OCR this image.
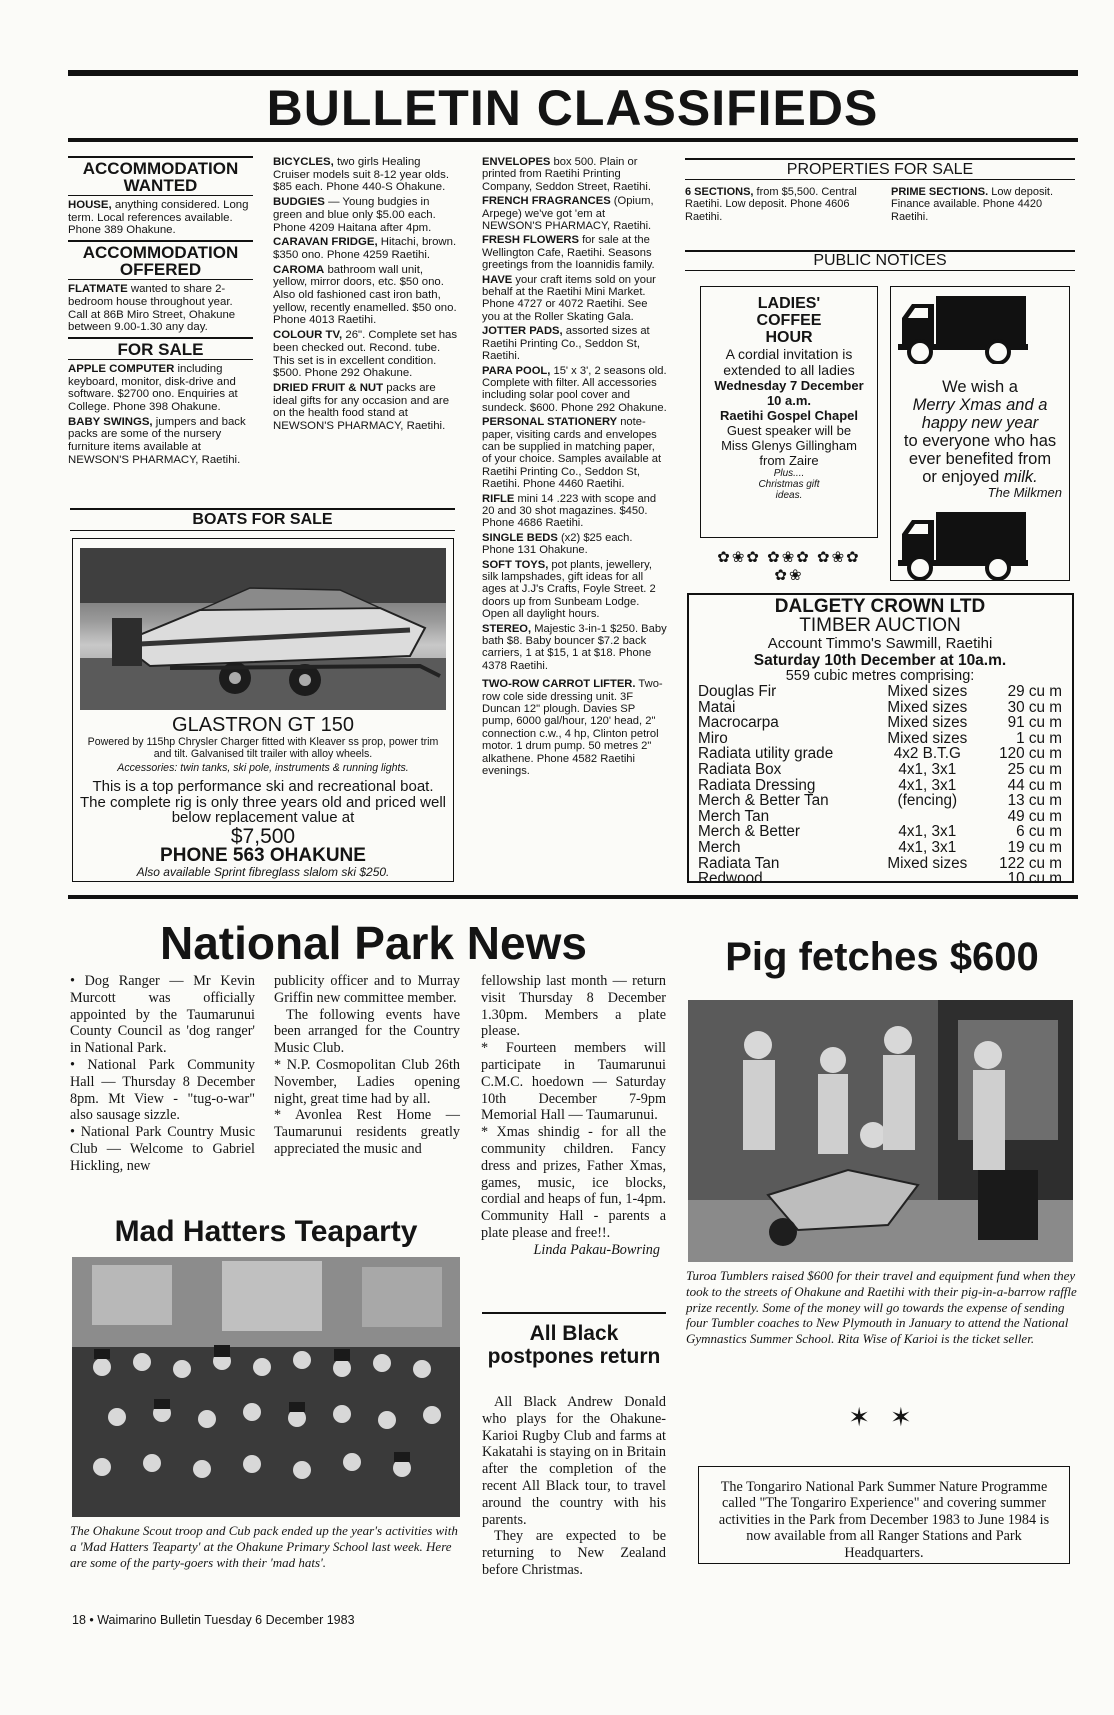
BULLETIN CLASSIFIEDS
ACCOMMODATION WANTED

HOUSE, anything considered. Long term. Local references available. Phone 389 Ohakune.

ACCOMMODATION OFFERED

FLATMATE wanted to share 2-bedroom house throughout year. Call at 86B Miro Street, Ohakune between 9.00-1.30 any day.

FOR SALE

APPLE COMPUTER including keyboard, monitor, disk-drive and software. $2700 ono. Enquiries at College. Phone 398 Ohakune.

BABY SWINGS, jumpers and back packs are some of the nursery furniture items available at NEWSON'S PHARMACY, Raetihi.

BICYCLES, two girls Healing Cruiser models suit 8-12 year olds. $85 each. Phone 440-S Ohakune.

BUDGIES — Young budgies in green and blue only $5.00 each. Phone 4209 Haitana after 4pm.

CARAVAN FRIDGE, Hitachi, brown. $350 ono. Phone 4259 Raetihi.

CAROMA bathroom wall unit, yellow, mirror doors, etc. $50 ono. Also old fashioned cast iron bath, yellow, recently enamelled. $50 ono. Phone 4013 Raetihi.

COLOUR TV, 26". Complete set has been checked out. Recond. tube. This set is in excellent condition. $500. Phone 292 Ohakune.

DRIED FRUIT & NUT packs are ideal gifts for any occasion and are on the health food stand at NEWSON'S PHARMACY, Raetihi.

BOATS FOR SALE
GLASTRON GT 150
Powered by 115hp Chrysler Charger fitted with Kleaver ss prop, power trim and tilt. Galvanised tilt trailer with alloy wheels.
Accessories: twin tanks, ski pole, instruments & running lights.
This is a top performance ski and recreational boat. The complete rig is only three years old and priced well below replacement value at
$7,500
PHONE 563 OHAKUNE
Also available Sprint fibreglass slalom ski $250.

ENVELOPES box 500. Plain or printed from Raetihi Printing Company, Seddon Street, Raetihi.

FRENCH FRAGRANCES (Opium, Arpege) we've got 'em at NEWSON'S PHARMACY, Raetihi.

FRESH FLOWERS for sale at the Wellington Cafe, Raetihi. Seasons greetings from the Ioannidis family.

HAVE your craft items sold on your behalf at the Raetihi Mini Market. Phone 4727 or 4072 Raetihi. See you at the Roller Skating Gala.

JOTTER PADS, assorted sizes at Raetihi Printing Co., Seddon St, Raetihi.

PARA POOL, 15' x 3', 2 seasons old. Complete with filter. All accessories including solar pool cover and sundeck. $600. Phone 292 Ohakune.

PERSONAL STATIONERY note-paper, visiting cards and envelopes can be supplied in matching paper, of your choice. Samples available at Raetihi Printing Co., Seddon St, Raetihi. Phone 4460 Raetihi.

RIFLE mini 14 .223 with scope and 20 and 30 shot magazines. $450. Phone 4686 Raetihi.

SINGLE BEDS (x2) $25 each. Phone 131 Ohakune.

SOFT TOYS, pot plants, jewellery, silk lampshades, gift ideas for all ages at J.J's Crafts, Foyle Street. 2 doors up from Sunbeam Lodge. Open all daylight hours.

STEREO, Majestic 3-in-1 $250. Baby bath $8. Baby bouncer $7.2 back carriers, 1 at $15, 1 at $18. Phone 4378 Raetihi.

TWO-ROW CARROT LIFTER. Two-row cole side dressing unit. 3F Duncan 12" plough. Davies SP pump, 6000 gal/hour, 120' head, 2" connection c.w., 4 hp, Clinton petrol motor. 1 drum pump. 50 metres 2" alkathene. Phone 4582 Raetihi evenings.

PROPERTIES FOR SALE

6 SECTIONS, from $5,500. Central Raetihi. Low deposit. Phone 4606 Raetihi.

PRIME SECTIONS. Low deposit. Finance available. Phone 4420 Raetihi.

PUBLIC NOTICES
LADIES'
COFFEE
HOUR
A cordial invitation is
extended to all ladies
Wednesday 7 December
10 a.m.
Raetihi Gospel Chapel
Guest speaker will be
Miss Glenys Gillingham
from Zaire
Plus....
Christmas gift
ideas.
✿❀✿ ✿❀✿ ✿❀✿ ✿❀
We wish a
Merry Xmas and a
happy new year
to everyone who has
ever benefited from
or enjoyed milk.
The Milkmen
DALGETY CROWN LTD
TIMBER AUCTION
Account Timmo's Sawmill, Raetihi
Saturday 10th December at 10a.m.
559 cubic metres comprising:
Douglas Fir	Mixed sizes	29 cu m
Matai	Mixed sizes	30 cu m
Macrocarpa	Mixed sizes	91 cu m
Miro	Mixed sizes	1 cu m
Radiata utility grade	4x2 B.T.G	120 cu m
Radiata Box	4x1, 3x1	25 cu m
Radiata Dressing	4x1, 3x1	44 cu m
Merch & Better Tan	(fencing)	13 cu m
Merch Tan		49 cu m
Merch & Better	4x1, 3x1	6 cu m
Merch	4x1, 3x1	19 cu m
Radiata Tan	Mixed sizes	122 cu m
Redwood		10 cu m
National Park News

• Dog Ranger — Mr Kevin Murcott was officially appointed by the Taumarunui County Council as 'dog ranger' in National Park.

• National Park Community Hall — Thursday 8 December 8pm. Mt View - "tug-o-war" also sausage sizzle.

• National Park Country Music Club — Welcome to Gabriel Hickling, new

publicity officer and to Murray Griffin new committee member.

The following events have been arranged for the Country Music Club.

* N.P. Cosmopolitan Club 26th November, Ladies opening night, great time had by all.

* Avonlea Rest Home — Taumarunui residents greatly appreciated the music and

fellowship last month — return visit Thursday 8 December 1.30pm. Members a plate please.

* Fourteen members will participate in Taumarunui C.M.C. hoedown — Saturday 10th December 7-9pm Memorial Hall — Taumarunui.

* Xmas shindig - for all the community children. Fancy dress and prizes, Father Xmas, games, music, ice blocks, cordial and heaps of fun, 1-4pm. Community Hall - parents a plate please and free!!.

Linda Pakau-Bowring

Mad Hatters Teaparty
The Ohakune Scout troop and Cub pack ended up the year's activities with a 'Mad Hatters Teaparty' at the Ohakune Primary School last week. Here are some of the party-goers with their 'mad hats'.
All Black
postpones return

All Black Andrew Donald who plays for the Ohakune-Karioi Rugby Club and farms at Kakatahi is staying on in Britain after the completion of the recent All Black tour, to travel around the country with his parents.

They are expected to be returning to New Zealand before Christmas.

Pig fetches $600
Turoa Tumblers raised $600 for their travel and equipment fund when they took to the streets of Ohakune and Raetihi with their pig-in-a-barrow raffle prize recently. Some of the money will go towards the expense of sending four Tumbler coaches to New Plymouth in January to attend the National Gymnastics Summer School. Rita Wise of Karioi is the ticket seller.
✶✶
The Tongariro National Park Summer Nature Programme called "The Tongariro Experience" and covering summer activities in the Park from December 1983 to June 1984 is now available from all Ranger Stations and Park Headquarters.
18 • Waimarino Bulletin Tuesday 6 December 1983
